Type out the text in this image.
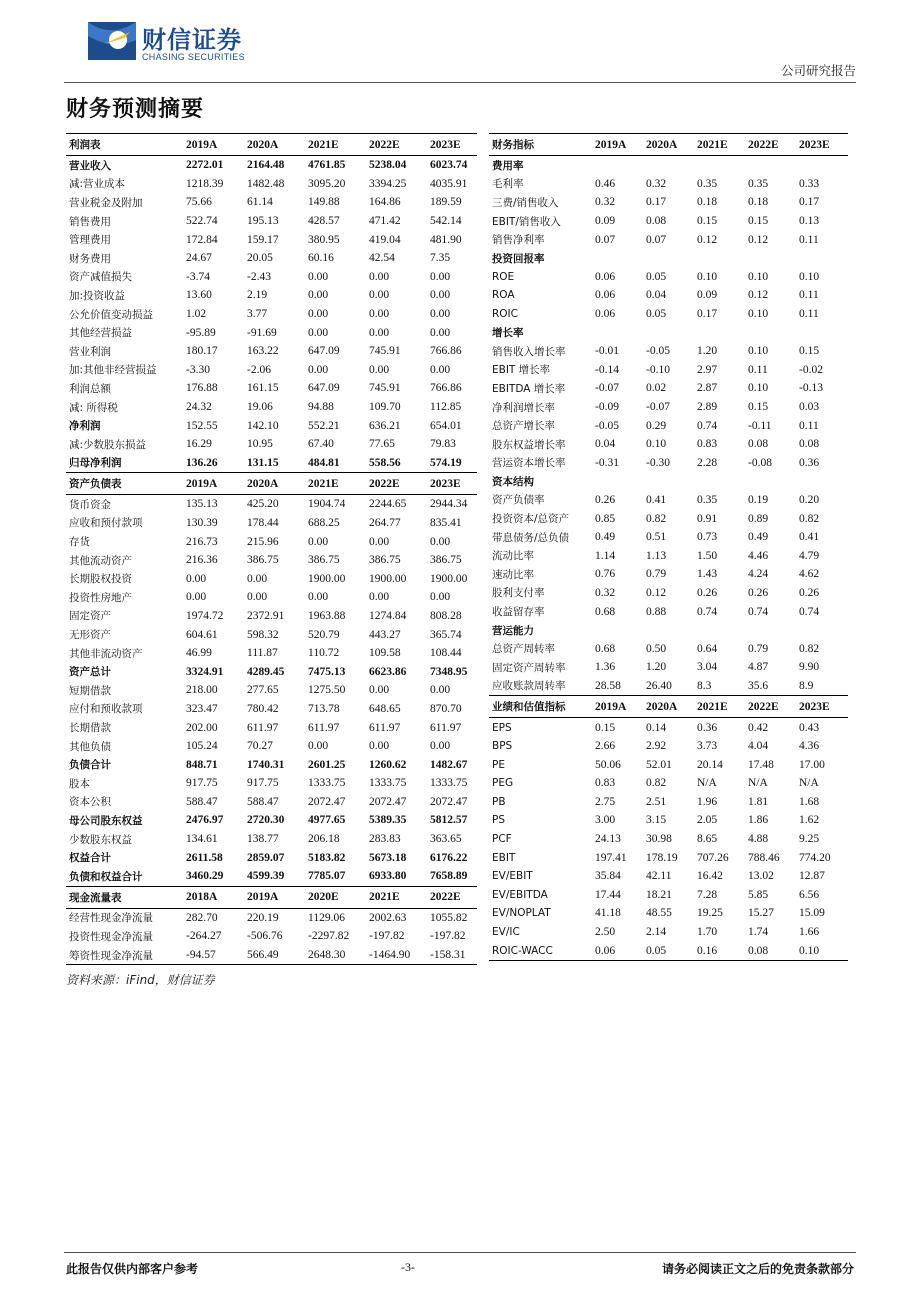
财信证券
CHASING SECURITIES
公司研究报告
财务预测摘要
利润表	2019A	2020A	2021E	2022E	2023E
营业收入	2272.01	2164.48	4761.85	5238.04	6023.74
减:营业成本	1218.39	1482.48	3095.20	3394.25	4035.91
营业税金及附加	75.66	61.14	149.88	164.86	189.59
销售费用	522.74	195.13	428.57	471.42	542.14
管理费用	172.84	159.17	380.95	419.04	481.90
财务费用	24.67	20.05	60.16	42.54	7.35
资产减值损失	-3.74	-2.43	0.00	0.00	0.00
加:投资收益	13.60	2.19	0.00	0.00	0.00
公允价值变动损益	1.02	3.77	0.00	0.00	0.00
其他经营损益	-95.89	-91.69	0.00	0.00	0.00
营业利润	180.17	163.22	647.09	745.91	766.86
加:其他非经营损益	-3.30	-2.06	0.00	0.00	0.00
利润总额	176.88	161.15	647.09	745.91	766.86
减: 所得税	24.32	19.06	94.88	109.70	112.85
净利润	152.55	142.10	552.21	636.21	654.01
减:少数股东损益	16.29	10.95	67.40	77.65	79.83
归母净利润	136.26	131.15	484.81	558.56	574.19
资产负债表	2019A	2020A	2021E	2022E	2023E
货币资金	135.13	425.20	1904.74	2244.65	2944.34
应收和预付款项	130.39	178.44	688.25	264.77	835.41
存货	216.73	215.96	0.00	0.00	0.00
其他流动资产	216.36	386.75	386.75	386.75	386.75
长期股权投资	0.00	0.00	1900.00	1900.00	1900.00
投资性房地产	0.00	0.00	0.00	0.00	0.00
固定资产	1974.72	2372.91	1963.88	1274.84	808.28
无形资产	604.61	598.32	520.79	443.27	365.74
其他非流动资产	46.99	111.87	110.72	109.58	108.44
资产总计	3324.91	4289.45	7475.13	6623.86	7348.95
短期借款	218.00	277.65	1275.50	0.00	0.00
应付和预收款项	323.47	780.42	713.78	648.65	870.70
长期借款	202.00	611.97	611.97	611.97	611.97
其他负债	105.24	70.27	0.00	0.00	0.00
负债合计	848.71	1740.31	2601.25	1260.62	1482.67
股本	917.75	917.75	1333.75	1333.75	1333.75
资本公积	588.47	588.47	2072.47	2072.47	2072.47
母公司股东权益	2476.97	2720.30	4977.65	5389.35	5812.57
少数股东权益	134.61	138.77	206.18	283.83	363.65
权益合计	2611.58	2859.07	5183.82	5673.18	6176.22
负债和权益合计	3460.29	4599.39	7785.07	6933.80	7658.89
现金流量表	2018A	2019A	2020E	2021E	2022E
经营性现金净流量	282.70	220.19	1129.06	2002.63	1055.82
投资性现金净流量	-264.27	-506.76	-2297.82	-197.82	-197.82
筹资性现金净流量	-94.57	566.49	2648.30	-1464.90	-158.31
财务指标	2019A	2020A	2021E	2022E	2023E
费用率					
毛利率	0.46	0.32	0.35	0.35	0.33
三费/销售收入	0.32	0.17	0.18	0.18	0.17
EBIT/销售收入	0.09	0.08	0.15	0.15	0.13
销售净利率	0.07	0.07	0.12	0.12	0.11
投资回报率					
ROE	0.06	0.05	0.10	0.10	0.10
ROA	0.06	0.04	0.09	0.12	0.11
ROIC	0.06	0.05	0.17	0.10	0.11
增长率					
销售收入增长率	-0.01	-0.05	1.20	0.10	0.15
EBIT 增长率	-0.14	-0.10	2.97	0.11	-0.02
EBITDA 增长率	-0.07	0.02	2.87	0.10	-0.13
净利润增长率	-0.09	-0.07	2.89	0.15	0.03
总资产增长率	-0.05	0.29	0.74	-0.11	0.11
股东权益增长率	0.04	0.10	0.83	0.08	0.08
营运资本增长率	-0.31	-0.30	2.28	-0.08	0.36
资本结构					
资产负债率	0.26	0.41	0.35	0.19	0.20
投资资本/总资产	0.85	0.82	0.91	0.89	0.82
带息债务/总负债	0.49	0.51	0.73	0.49	0.41
流动比率	1.14	1.13	1.50	4.46	4.79
速动比率	0.76	0.79	1.43	4.24	4.62
股利支付率	0.32	0.12	0.26	0.26	0.26
收益留存率	0.68	0.88	0.74	0.74	0.74
营运能力					
总资产周转率	0.68	0.50	0.64	0.79	0.82
固定资产周转率	1.36	1.20	3.04	4.87	9.90
应收账款周转率	28.58	26.40	8.3	35.6	8.9
业绩和估值指标	2019A	2020A	2021E	2022E	2023E
EPS	0.15	0.14	0.36	0.42	0.43
BPS	2.66	2.92	3.73	4.04	4.36
PE	50.06	52.01	20.14	17.48	17.00
PEG	0.83	0.82	N/A	N/A	N/A
PB	2.75	2.51	1.96	1.81	1.68
PS	3.00	3.15	2.05	1.86	1.62
PCF	24.13	30.98	8.65	4.88	9.25
EBIT	197.41	178.19	707.26	788.46	774.20
EV/EBIT	35.84	42.11	16.42	13.02	12.87
EV/EBITDA	17.44	18.21	7.28	5.85	6.56
EV/NOPLAT	41.18	48.55	19.25	15.27	15.09
EV/IC	2.50	2.14	1.70	1.74	1.66
ROIC-WACC	0.06	0.05	0.16	0.08	0.10
资料来源：iFind，财信证券
此报告仅供内部客户参考	-3-	请务必阅读正文之后的免责条款部分
